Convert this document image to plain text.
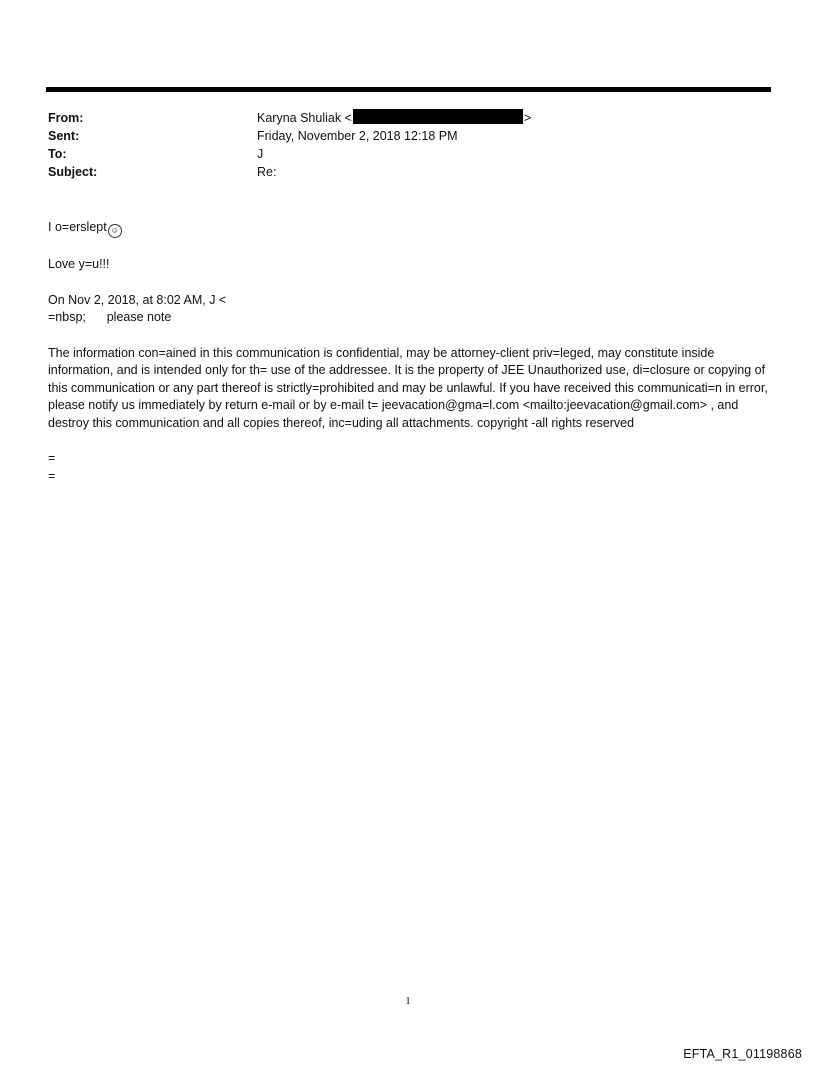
From:	Karyna Shuliak <	>
Sent:	Friday, November 2, 2018 12:18 PM
To:	J
Subject:	Re:

I o=erslept ☺

Love y=u!!!

On Nov 2, 2018, at 8:02 AM, J <

=nbsp;      please note

The information con=ained in this communication is confidential, may be attorney-client priv=leged, may constitute inside information, and is intended only for th= use of the addressee. It is the property of JEE Unauthorized use, di=closure or copying of this communication or any part thereof is strictly=prohibited and may be unlawful. If you have received this communicati=n in error, please notify us immediately by return e-mail or by e-mail t= jeevacation@gma=l.com <mailto:jeevacation@gmail.com> , and destroy this communication and all copies thereof, inc=uding all attachments. copyright -all rights reserved

=

=

1
EFTA_R1_01198868
